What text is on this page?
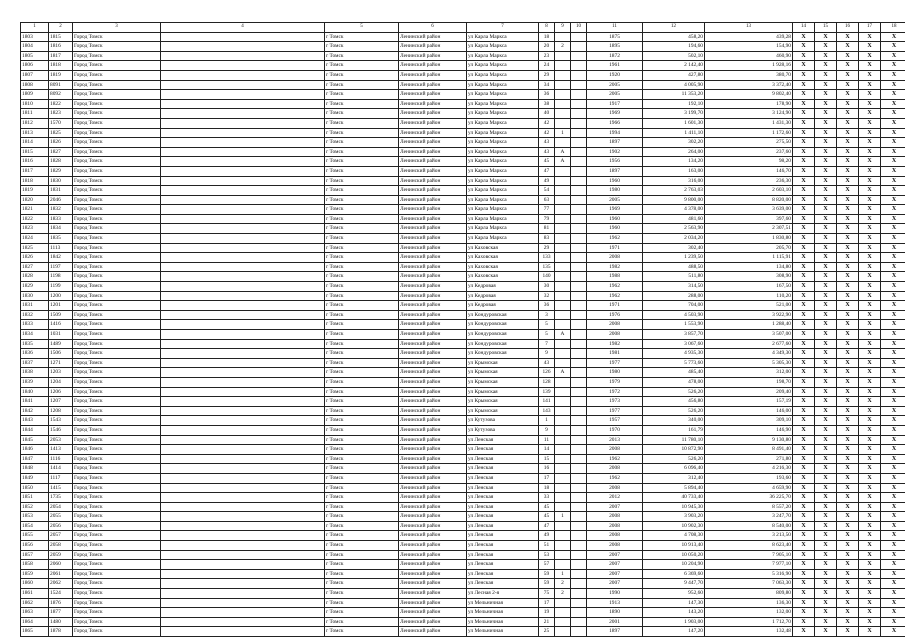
1	2	3	4	5	6	7	8	9	10	11	12	13	14	15	16	17	18
1803	1815	Город Томск		г Томск	Ленинский район	ул Карла Маркса	18			1875	458,20	439,28	X	X	X	X	X
1804	1816	Город Томск		г Томск	Ленинский район	ул Карла Маркса	20	2		1895	194,60	154,90	X	X	X	X	X
1805	1817	Город Томск		г Томск	Ленинский район	ул Карла Маркса	23			1872	502,10	460,90	X	X	X	X	X
1806	1818	Город Томск		г Томск	Ленинский район	ул Карла Маркса	24			1961	2 142,40	1 928,16	X	X	X	X	X
1807	1819	Город Томск		г Томск	Ленинский район	ул Карла Маркса	29			1920	427,80	380,70	X	X	X	X	X
1808	8091	Город Томск		г Томск	Ленинский район	ул Карла Маркса	34			2005	4 005,90	3 372,40	X	X	X	X	X
1809	8092	Город Томск		г Томск	Ленинский район	ул Карла Маркса	36			2005	11 353,20	9 802,40	X	X	X	X	X
1810	1822	Город Томск		г Томск	Ленинский район	ул Карла Маркса	38			1917	192,10	178,90	X	X	X	X	X
1811	1823	Город Томск		г Томск	Ленинский район	ул Карла Маркса	40			1969	3 199,70	3 124,90	X	X	X	X	X
1812	1570	Город Томск		г Томск	Ленинский район	ул Карла Маркса	42			1966	1 601,30	1 431,30	X	X	X	X	X
1813	1825	Город Томск		г Томск	Ленинский район	ул Карла Маркса	42	1		1994	1 411,10	1 172,60	X	X	X	X	X
1814	1826	Город Томск		г Томск	Ленинский район	ул Карла Маркса	43			1897	302,20	275,50	X	X	X	X	X
1815	1827	Город Томск		г Томск	Ленинский район	ул Карла Маркса	43	А		1902	264,00	237,60	X	X	X	X	X
1816	1828	Город Томск		г Томск	Ленинский район	ул Карла Маркса	45	А		1956	134,20	98,20	X	X	X	X	X
1817	1829	Город Томск		г Томск	Ленинский район	ул Карла Маркса	47			1897	163,00	146,70	X	X	X	X	X
1818	1830	Город Томск		г Томск	Ленинский район	ул Карла Маркса	49			1960	316,00	236,30	X	X	X	X	X
1819	1831	Город Томск		г Томск	Ленинский район	ул Карла Маркса	54			1980	2 763,03	2 603,10	X	X	X	X	X
1820	2046	Город Томск		г Томск	Ленинский район	ул Карла Маркса	63			2005	9 800,00	8 820,00	X	X	X	X	X
1821	1832	Город Томск		г Томск	Ленинский район	ул Карла Маркса	77			1969	4 378,00	3 639,00	X	X	X	X	X
1822	1833	Город Томск		г Томск	Ленинский район	ул Карла Маркса	79			1960	481,60	397,60	X	X	X	X	X
1823	1834	Город Томск		г Томск	Ленинский район	ул Карла Маркса	81			1960	2 563,90	2 307,51	X	X	X	X	X
1824	1835	Город Томск		г Томск	Ленинский район	ул Карла Маркса	83			1962	2 034,20	1 830,80	X	X	X	X	X
1825	1113	Город Томск		г Томск	Ленинский район	ул Каховская	29			1971	302,40	205,70	X	X	X	X	X
1826	1842	Город Томск		г Томск	Ленинский район	ул Каховская	133			2008	1 239,50	1 115,91	X	X	X	X	X
1827	1197	Город Томск		г Томск	Ленинский район	ул Каховская	135			1982	488,50	134,80	X	X	X	X	X
1828	1198	Город Томск		г Томск	Ленинский район	ул Каховская	140			1988	511,80	308,90	X	X	X	X	X
1829	1199	Город Томск		г Томск	Ленинский район	ул Кедровая	30			1962	314,50	167,50	X	X	X	X	X
1830	1200	Город Томск		г Томск	Ленинский район	ул Кедровая	32			1962	288,00	110,20	X	X	X	X	X
1831	1201	Город Томск		г Томск	Ленинский район	ул Кедровая	36			1971	704,00	521,00	X	X	X	X	X
1832	1509	Город Томск		г Томск	Ленинский район	ул Кондуровская	3			1976	4 503,90	3 922,90	X	X	X	X	X
1833	1416	Город Томск		г Томск	Ленинский район	ул Кондуровская	5			2008	1 553,90	1 288,40	X	X	X	X	X
1834	1031	Город Томск		г Томск	Ленинский район	ул Кондуровская	5	А		2008	3 857,70	3 507,00	X	X	X	X	X
1835	1489	Город Томск		г Томск	Ленинский район	ул Кондуровская	7			1982	3 067,60	2 677,60	X	X	X	X	X
1836	1506	Город Томск		г Томск	Ленинский район	ул Кондуровская	9			1981	4 935,30	4 349,30	X	X	X	X	X
1837	1271	Город Томск		г Томск	Ленинский район	ул Крымская	43			1977	5 773,60	5 305,30	X	X	X	X	X
1838	1203	Город Томск		г Томск	Ленинский район	ул Крымская	126	А		1980	485,40	312,00	X	X	X	X	X
1839	1204	Город Томск		г Томск	Ленинский район	ул Крымская	128			1979	478,00	198,70	X	X	X	X	X
1840	1206	Город Томск		г Томск	Ленинский район	ул Крымская	139			1972	526,20	209,40	X	X	X	X	X
1841	1207	Город Томск		г Томск	Ленинский район	ул Крымская	141			1973	456,80	157,19	X	X	X	X	X
1842	1208	Город Томск		г Томск	Ленинский район	ул Крымская	143			1977	526,20	146,00	X	X	X	X	X
1843	1543	Город Томск		г Томск	Ленинский район	ул Кутузова	1			1957	340,00	309,10	X	X	X	X	X
1844	1546	Город Томск		г Томск	Ленинский район	ул Кутузова	9			1970	161,79	146,90	X	X	X	X	X
1845	2053	Город Томск		г Томск	Ленинский район	ул Ленская	11			2013	11 780,10	9 130,80	X	X	X	X	X
1846	1413	Город Томск		г Томск	Ленинский район	ул Ленская	14			2008	10 872,90	8 491,40	X	X	X	X	X
1847	1116	Город Томск		г Томск	Ленинский район	ул Ленская	15			1962	526,20	271,80	X	X	X	X	X
1848	1414	Город Томск		г Томск	Ленинский район	ул Ленская	16			2008	6 096,40	4 216,30	X	X	X	X	X
1849	1117	Город Томск		г Томск	Ленинский район	ул Ленская	17			1962	312,40	193,60	X	X	X	X	X
1850	1415	Город Томск		г Томск	Ленинский район	ул Ленская	18			2008	5 894,40	4 659,90	X	X	X	X	X
1851	1735	Город Томск		г Томск	Ленинский район	ул Ленская	33			2012	40 733,40	36 225,70	X	X	X	X	X
1852	2054	Город Томск		г Томск	Ленинский район	ул Ленская	45			2007	10 945,30	8 557,20	X	X	X	X	X
1853	2055	Город Томск		г Томск	Ленинский район	ул Ленская	45	1		2008	3 903,20	3 247,70	X	X	X	X	X
1854	2056	Город Томск		г Томск	Ленинский район	ул Ленская	47			2008	10 902,30	8 540,00	X	X	X	X	X
1855	2057	Город Томск		г Томск	Ленинский район	ул Ленская	49			2008	4 708,30	3 213,50	X	X	X	X	X
1856	2058	Город Томск		г Томск	Ленинский район	ул Ленская	51			2008	10 913,40	8 623,40	X	X	X	X	X
1857	2059	Город Томск		г Томск	Ленинский район	ул Ленская	53			2007	10 050,20	7 905,10	X	X	X	X	X
1858	2060	Город Томск		г Томск	Ленинский район	ул Ленская	57			2007	10 204,90	7 977,10	X	X	X	X	X
1859	2061	Город Томск		г Томск	Ленинский район	ул Ленская	59	1		2007	6 369,60	5 316,90	X	X	X	X	X
1860	2062	Город Томск		г Томск	Ленинский район	ул Ленская	59	2		2007	9 447,70	7 063,30	X	X	X	X	X
1861	1524	Город Томск		г Томск	Ленинский район	ул Лесная 2-я	75	2		1990	952,60	809,80	X	X	X	X	X
1862	1876	Город Томск		г Томск	Ленинский район	ул Мельничная	17			1913	147,30	136,30	X	X	X	X	X
1863	1877	Город Томск		г Томск	Ленинский район	ул Мельничная	19			1890	143,20	132,00	X	X	X	X	X
1864	1480	Город Томск		г Томск	Ленинский район	ул Мельничная	21			2001	1 903,00	1 712,70	X	X	X	X	X
1865	1878	Город Томск		г Томск	Ленинский район	ул Мельничная	25			1897	147,20	132,48	X	X	X	X	X
